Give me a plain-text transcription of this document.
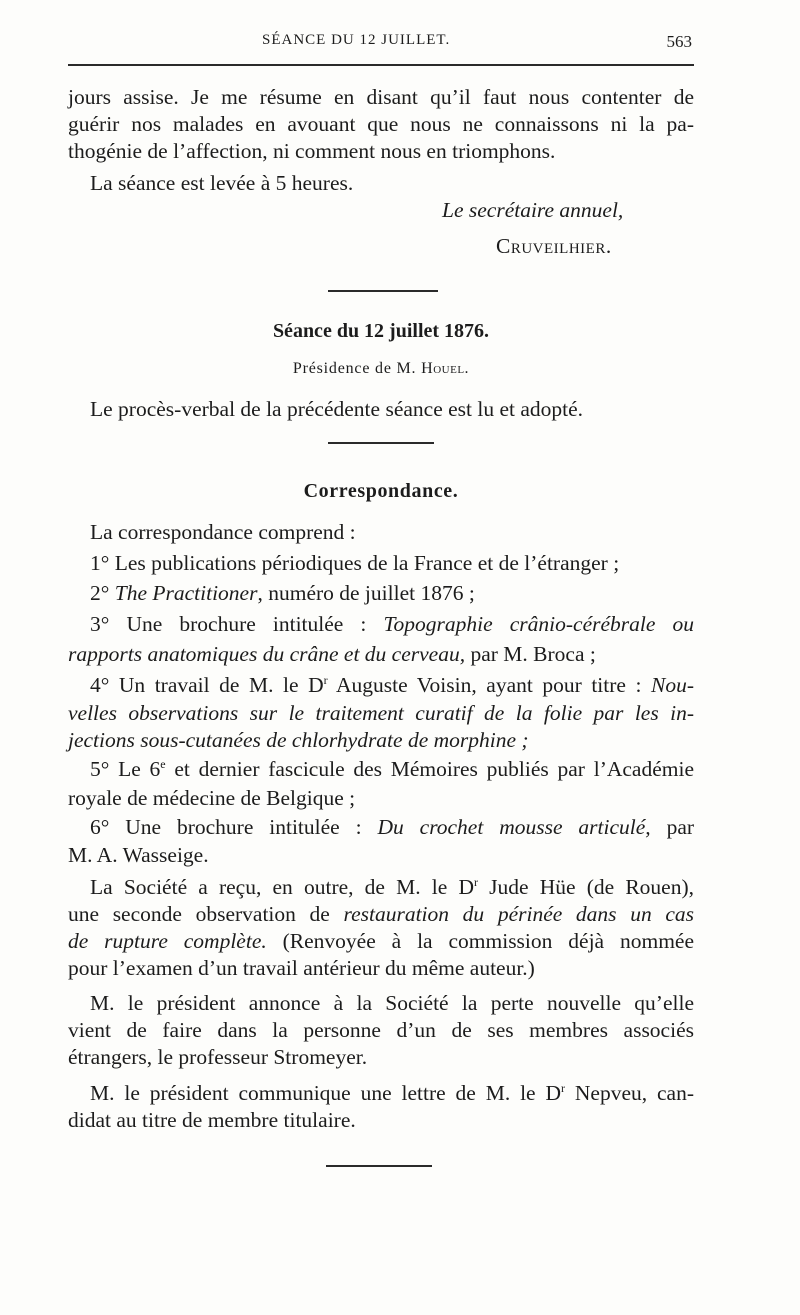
SÉANCE DU 12 JUILLET.	563

jours assise. Je me résume en disant qu’il faut nous contenter de

guérir nos malades en avouant que nous ne connaissons ni la pa-

thogénie de l’affection, ni comment nous en triomphons.

La séance est levée à 5 heures.

Le secrétaire annuel,
Cruveilhier.
Séance du 12 juillet 1876.
Présidence de M. Houel.
Le procès-verbal de la précédente séance est lu et adopté.
Correspondance.

La correspondance comprend :

1° Les publications périodiques de la France et de l’étranger ;

2° The Practitioner, numéro de juillet 1876 ;

3° Une brochure intitulée : Topographie crânio-cérébrale ou

rapports anatomiques du crâne et du cerveau, par M. Broca ;

4° Un travail de M. le $D^r$ Auguste Voisin, ayant pour titre : Nou-

velles observations sur le traitement curatif de la folie par les in-

jections sous-cutanées de chlorhydrate de morphine ;

5° Le 6e et dernier fascicule des Mémoires publiés par l’Académie

royale de médecine de Belgique ;

6° Une brochure intitulée : Du crochet mousse articulé, par

M. A. Wasseige.

La Société a reçu, en outre, de M. le $D^r$ Jude Hüe (de Rouen),

une seconde observation de restauration du périnée dans un cas

de rupture complète. (Renvoyée à la commission déjà nommée

pour l’examen d’un travail antérieur du même auteur.)

M. le président annonce à la Société la perte nouvelle qu’elle

vient de faire dans la personne d’un de ses membres associés

étrangers, le professeur Stromeyer.

M. le président communique une lettre de M. le $D^r$ Nepveu, can-

didat au titre de membre titulaire.
